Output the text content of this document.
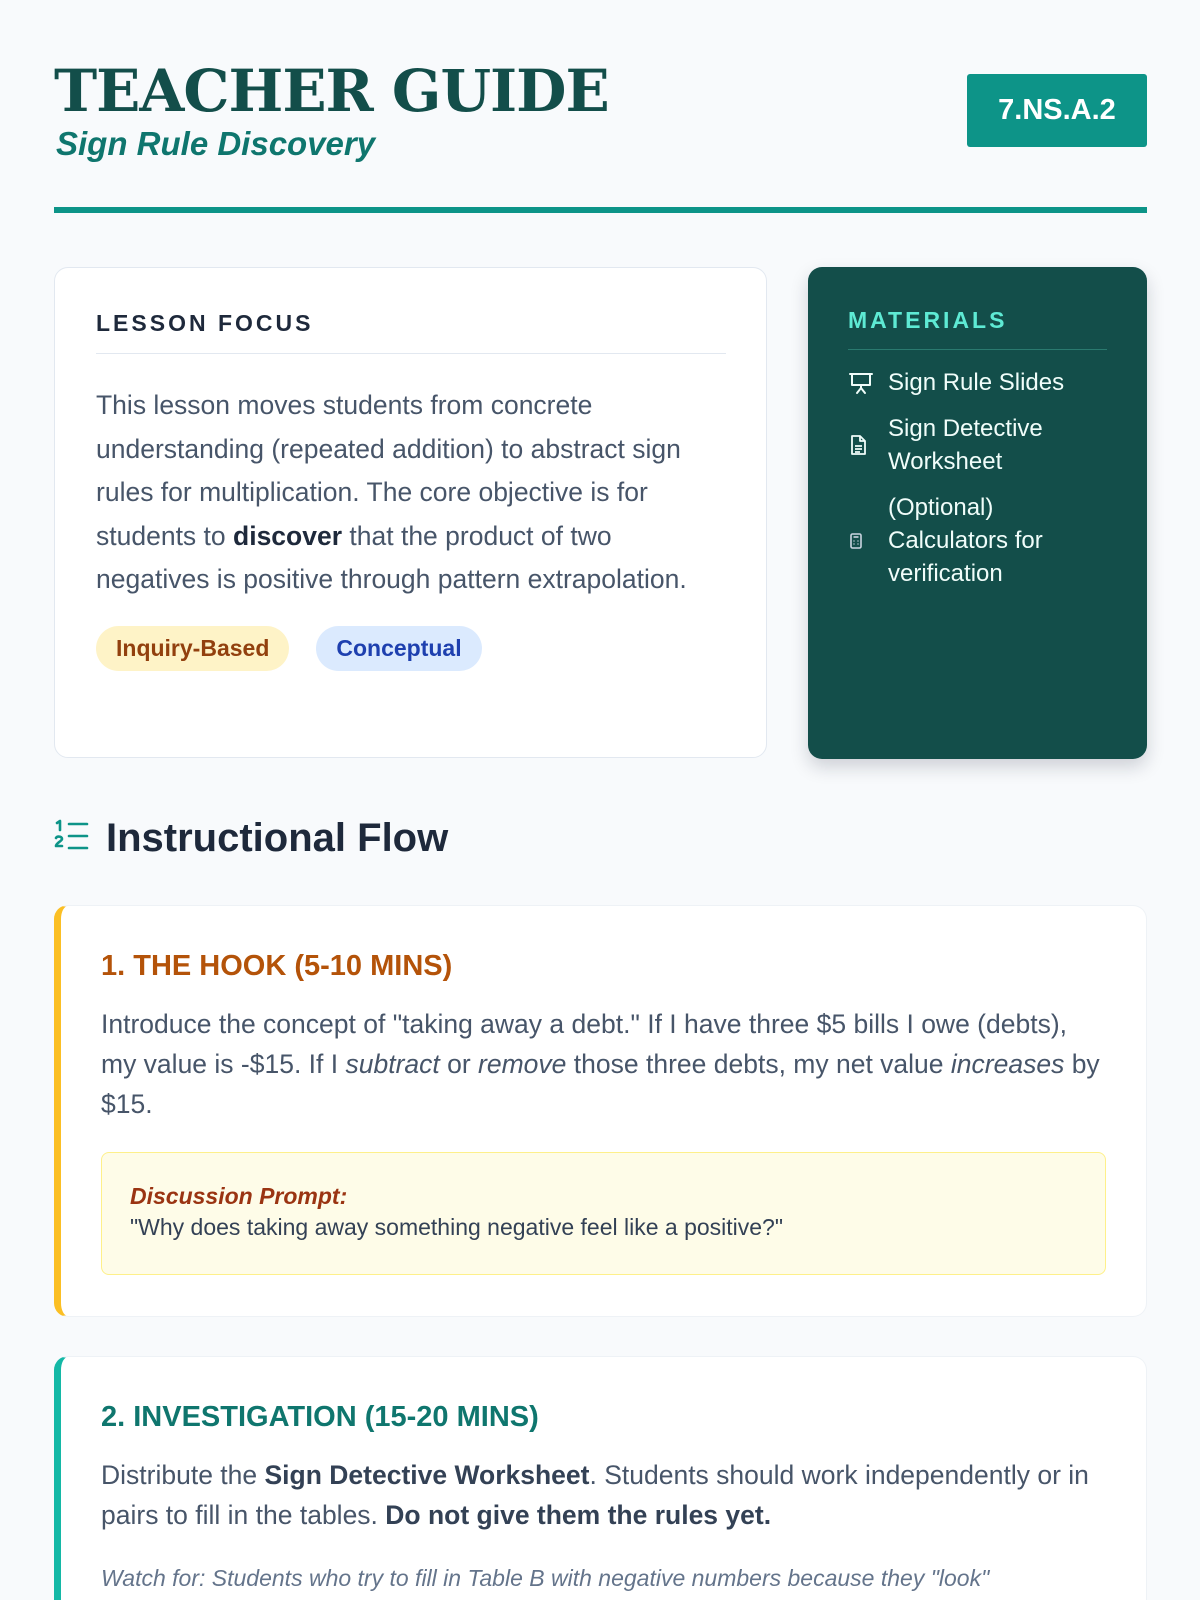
TEACHER GUIDE
Sign Rule Discovery
7.NS.A.2
LESSON FOCUS

This lesson moves students from concrete understanding (repeated addition) to abstract sign rules for multiplication. The core objective is for students to discover that the product of two negatives is positive through pattern extrapolation.

Inquiry-Based	Conceptual
MATERIALS
Sign Rule Slides
Sign Detective Worksheet
(Optional) Calculators for verification
Instructional Flow
1. THE HOOK (5-10 MINS)

Introduce the concept of "taking away a debt." If I have three $5 bills I owe (debts), my value is -$15. If I subtract or remove those three debts, my net value increases by $15.

Discussion Prompt:
"Why does taking away something negative feel like a positive?"
2. INVESTIGATION (15-20 MINS)

Distribute the Sign Detective Worksheet. Students should work independently or in pairs to fill in the tables. Do not give them the rules yet.

Watch for: Students who try to fill in Table B with negative numbers because they "look"
